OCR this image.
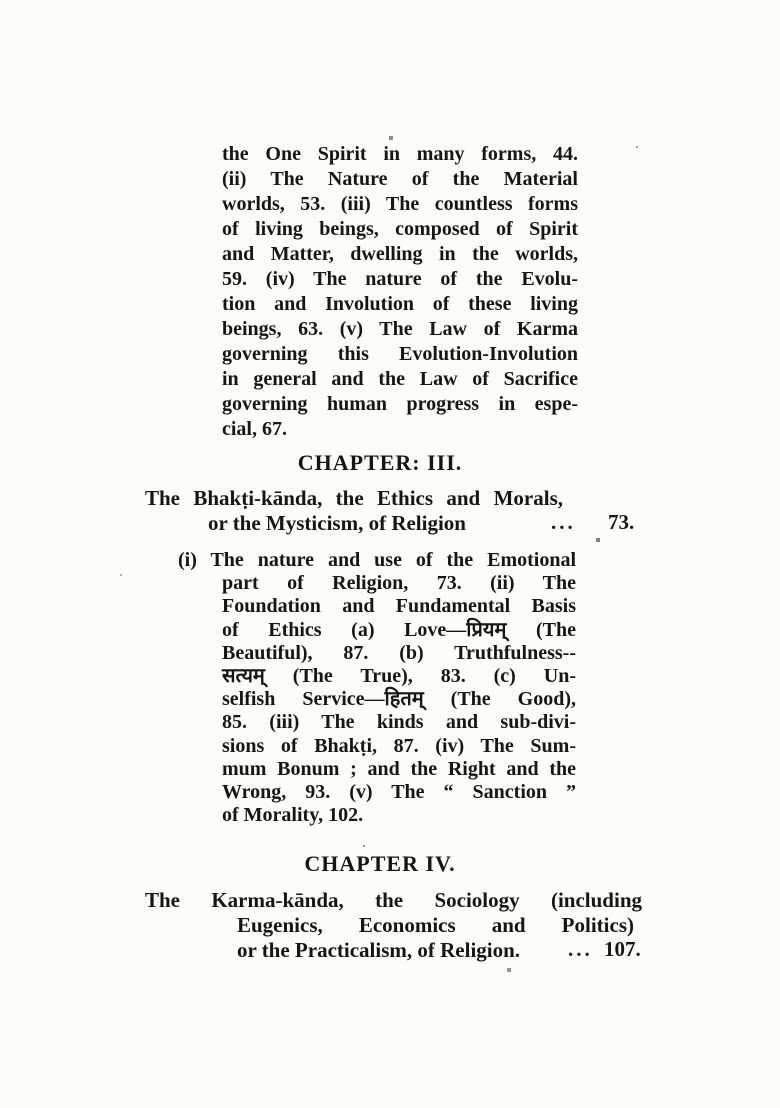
the One Spirit in many forms, 44.
(ii) The Nature of the Material
worlds, 53. (iii) The countless forms
of living beings, composed of Spirit
and Matter, dwelling in the worlds,
59. (iv) The nature of the Evolu-
tion and Involution of these living
beings, 63. (v) The Law of Karma
governing this Evolution-Involution
in general and the Law of Sacrifice
governing human progress in espe-
cial, 67.
CHAPTER: III.
The Bhakṭi-kānda, the Ethics and Morals,
or the Mysticism, of Religion	... 73.
(i) The nature and use of the Emotional
part of Religion, 73. (ii) The
Foundation and Fundamental Basis
of Ethics (a) Love—प्रियम् (The
Beautiful), 87. (b) Truthfulness--
सत्यम् (The True), 83. (c) Un-
selfish Service—हितम् (The Good),
85. (iii) The kinds and sub-divi-
sions of Bhakṭi, 87. (iv) The Sum-
mum Bonum ; and the Right and the
Wrong, 93. (v) The “ Sanction ”
of Morality, 102.
CHAPTER IV.
The Karma-kānda, the Sociology (including
Eugenics, Economics and Politics)
or the Practicalism, of Religion.	... 107.
